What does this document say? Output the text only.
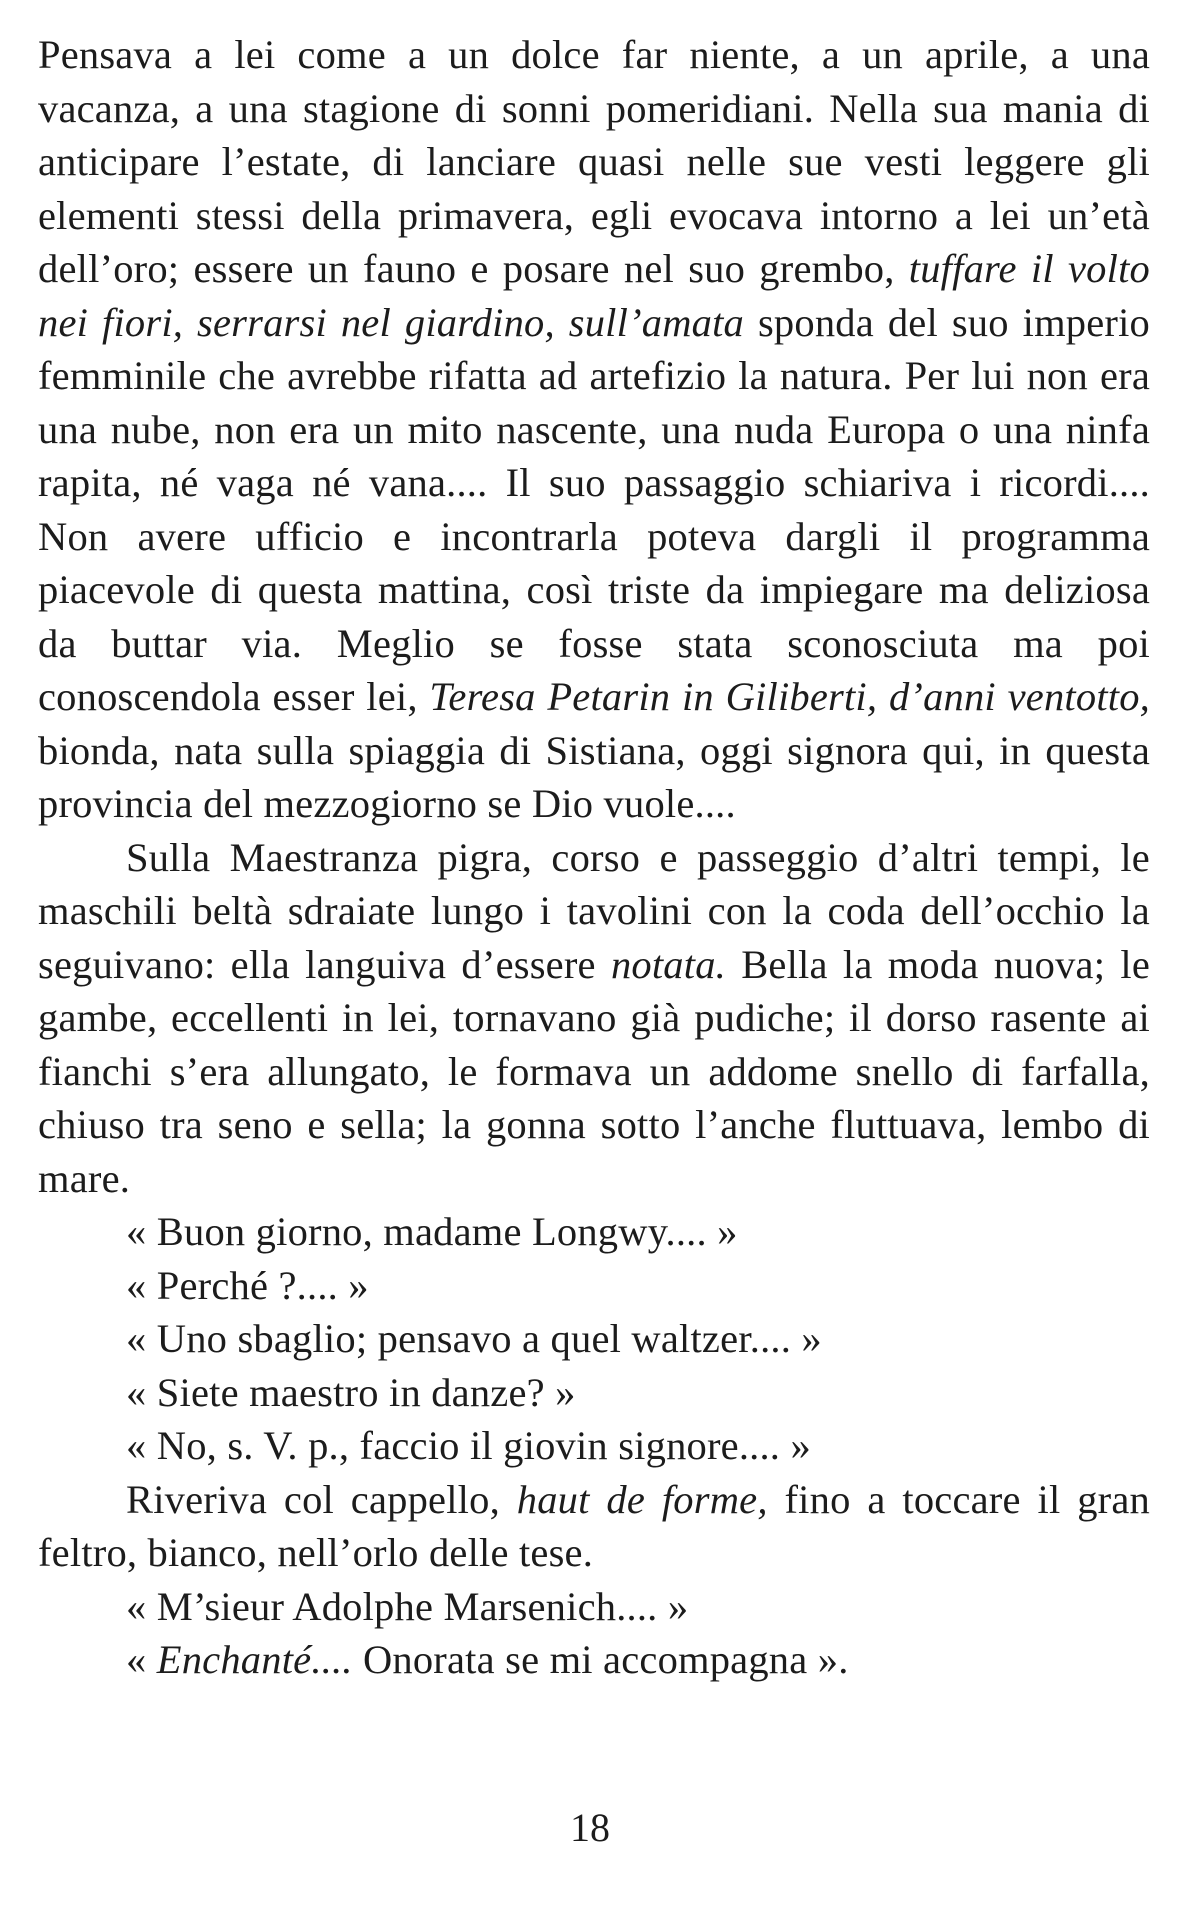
Pensava a lei come a un dolce far niente, a un aprile, a una vacanza, a una stagione di sonni pomeridiani. Nella sua mania di anticipare l’estate, di lanciare quasi nelle sue vesti leggere gli elementi stessi della primavera, egli evocava intorno a lei un’età dell’oro; essere un fauno e posare nel suo grembo, tuffare il volto nei fiori, serrarsi nel giardino, sull’amata sponda del suo imperio femminile che avrebbe rifatta ad artefizio la natura. Per lui non era una nube, non era un mito nascente, una nuda Europa o una ninfa rapita, né vaga né vana.... Il suo passaggio schiariva i ricordi.... Non avere ufficio e incontrarla poteva dargli il programma piacevole di questa mattina, così triste da impiegare ma deliziosa da buttar via. Meglio se fosse stata sconosciuta ma poi conoscendola esser lei, Teresa Petarin in Giliberti, d’anni ventotto, bionda, nata sulla spiaggia di Sistiana, oggi signora qui, in questa provincia del mezzogiorno se Dio vuole....

Sulla Maestranza pigra, corso e passeggio d’altri tempi, le maschili beltà sdraiate lungo i tavolini con la coda dell’occhio la seguivano: ella languiva d’essere notata. Bella la moda nuova; le gambe, eccellenti in lei, tornavano già pudiche; il dorso rasente ai fianchi s’era allungato, le formava un addome snello di farfalla, chiuso tra seno e sella; la gonna sotto l’anche fluttuava, lembo di mare.

« Buon giorno, madame Longwy.... »

« Perché ?.... »

« Uno sbaglio; pensavo a quel waltzer.... »

« Siete maestro in danze? »

« No, s. V. p., faccio il giovin signore.... »

Riveriva col cappello, haut de forme, fino a toccare il gran feltro, bianco, nell’orlo delle tese.

« M’sieur Adolphe Marsenich.... »

« Enchanté.... Onorata se mi accompagna ».

18
